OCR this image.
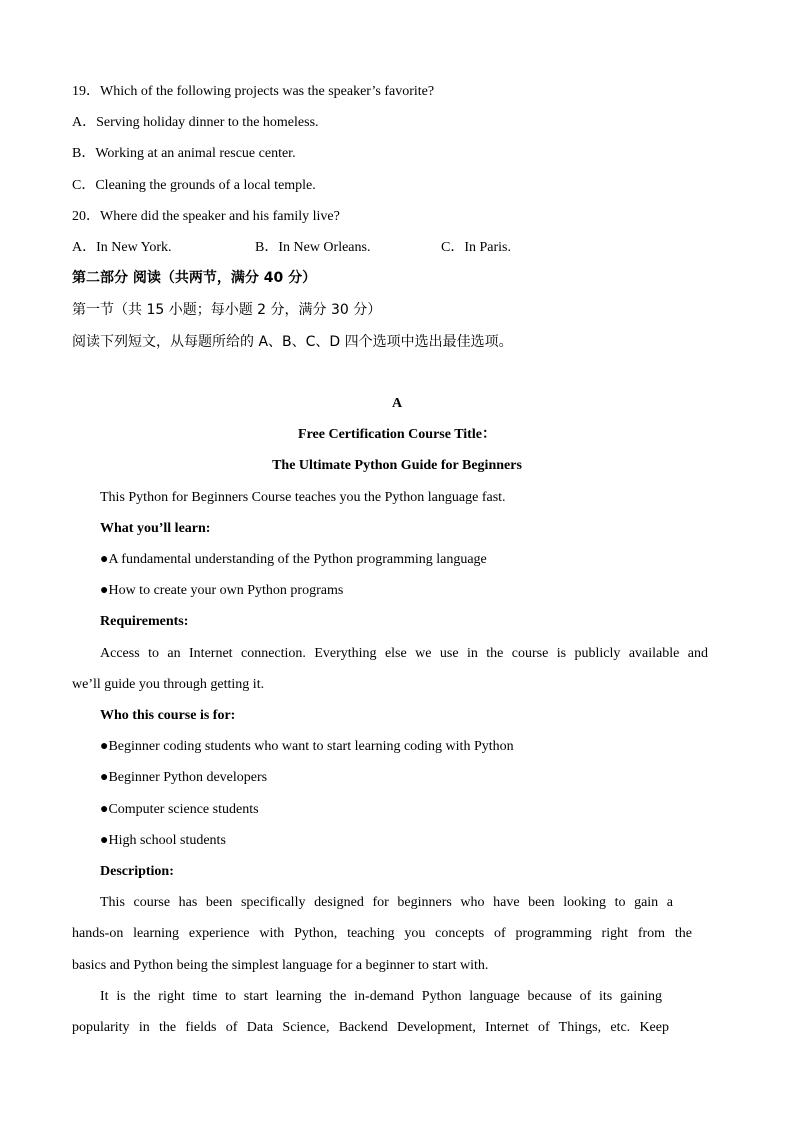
19．Which of the following projects was the speaker’s favorite?
A．Serving holiday dinner to the homeless.
B．Working at an animal rescue center.
C．Cleaning the grounds of a local temple.
20．Where did the speaker and his family live?
A．In New York.	B．In New Orleans.	C．In Paris.
第二部分 阅读（共两节，满分 40 分）
第一节（共 15 小题；每小题 2 分，满分 30 分）
阅读下列短文，从每题所给的 A、B、C、D 四个选项中选出最佳选项。
A
Free Certification Course Title：
The Ultimate Python Guide for Beginners
This Python for Beginners Course teaches you the Python language fast.
What you’ll learn:
●A fundamental understanding of the Python programming language
●How to create your own Python programs
Requirements:
Access to an Internet connection. Everything else we use in the course is publicly available and
we’ll guide you through getting it.
Who this course is for:
●Beginner coding students who want to start learning coding with Python
●Beginner Python developers
●Computer science students
●High school students
Description:
This course has been specifically designed for beginners who have been looking to gain a
hands-on learning experience with Python, teaching you concepts of programming right from the
basics and Python being the simplest language for a beginner to start with.
It is the right time to start learning the in-demand Python language because of its gaining
popularity in the fields of Data Science, Backend Development, Internet of Things, etc. Keep
